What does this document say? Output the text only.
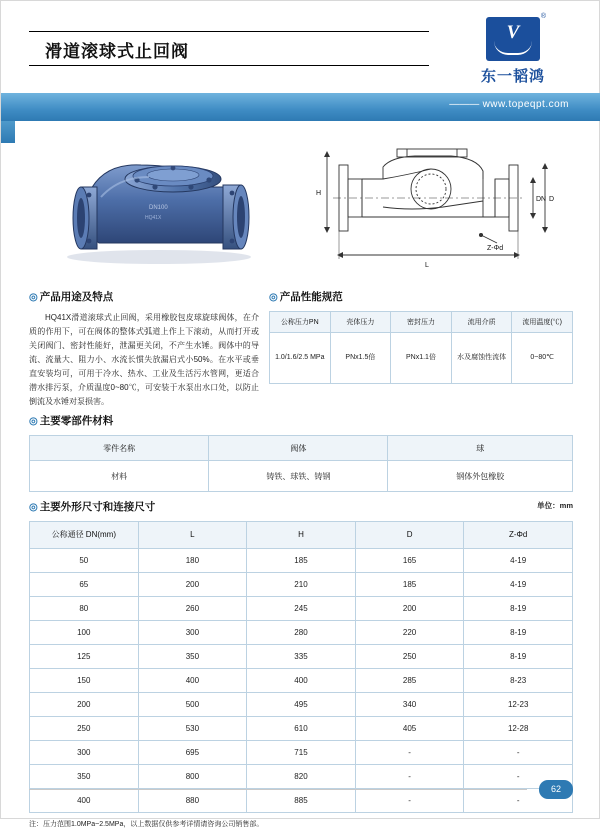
滑道滚球式止回阀
V
®
东一韬鸿
——— www.topeqpt.com
DN100
HQ41X
H
DN D
Z-Φd
L
◎ 产品用途及特点
HQ41X滑道滚球式止回阀，采用橡胶包皮球旋球阀体，在介质的作用下，可在阀体的整体式弧道上作上下滚动，从而打开或关闭阀门、密封性能好，泄漏更关闭，不产生水锤。阀体中的导流、流量大、阻力小、水流长惯失放漏启式小50%。在水平或垂直安装均可，可用于冷水、热水、工业及生活污水管网，更适合潜水排污泵，介质温度0~80℃，可安装于水泵出水口处，以防止倒流及水锤对泵损害。
◎ 产品性能规范
公称压力PN	壳体压力	密封压力	流用介质	流用温度(℃)
1.0/1.6/2.5 MPa	PNx1.5倍	PNx1.1倍	水及腐蚀性流体	0~80℃
◎ 主要零部件材料
零件名称	阀体	球
材料	铸铁、球铁、铸钢	钢体外包橡胶
◎ 主要外形尺寸和连接尺寸	单位：mm
公称通径 DN(mm)	L	H	D	Z-Φd
50	180	185	165	4-19
65	200	210	185	4-19
80	260	245	200	8-19
100	300	280	220	8-19
125	350	335	250	8-19
150	400	400	285	8-23
200	500	495	340	12-23
250	530	610	405	12-28
300	695	715	-	-
350	800	820	-	-
400	880	885	-	-
注：压力范围1.0MPa~2.5MPa，以上数据仅供参考详情请咨询公司销售部。
62
